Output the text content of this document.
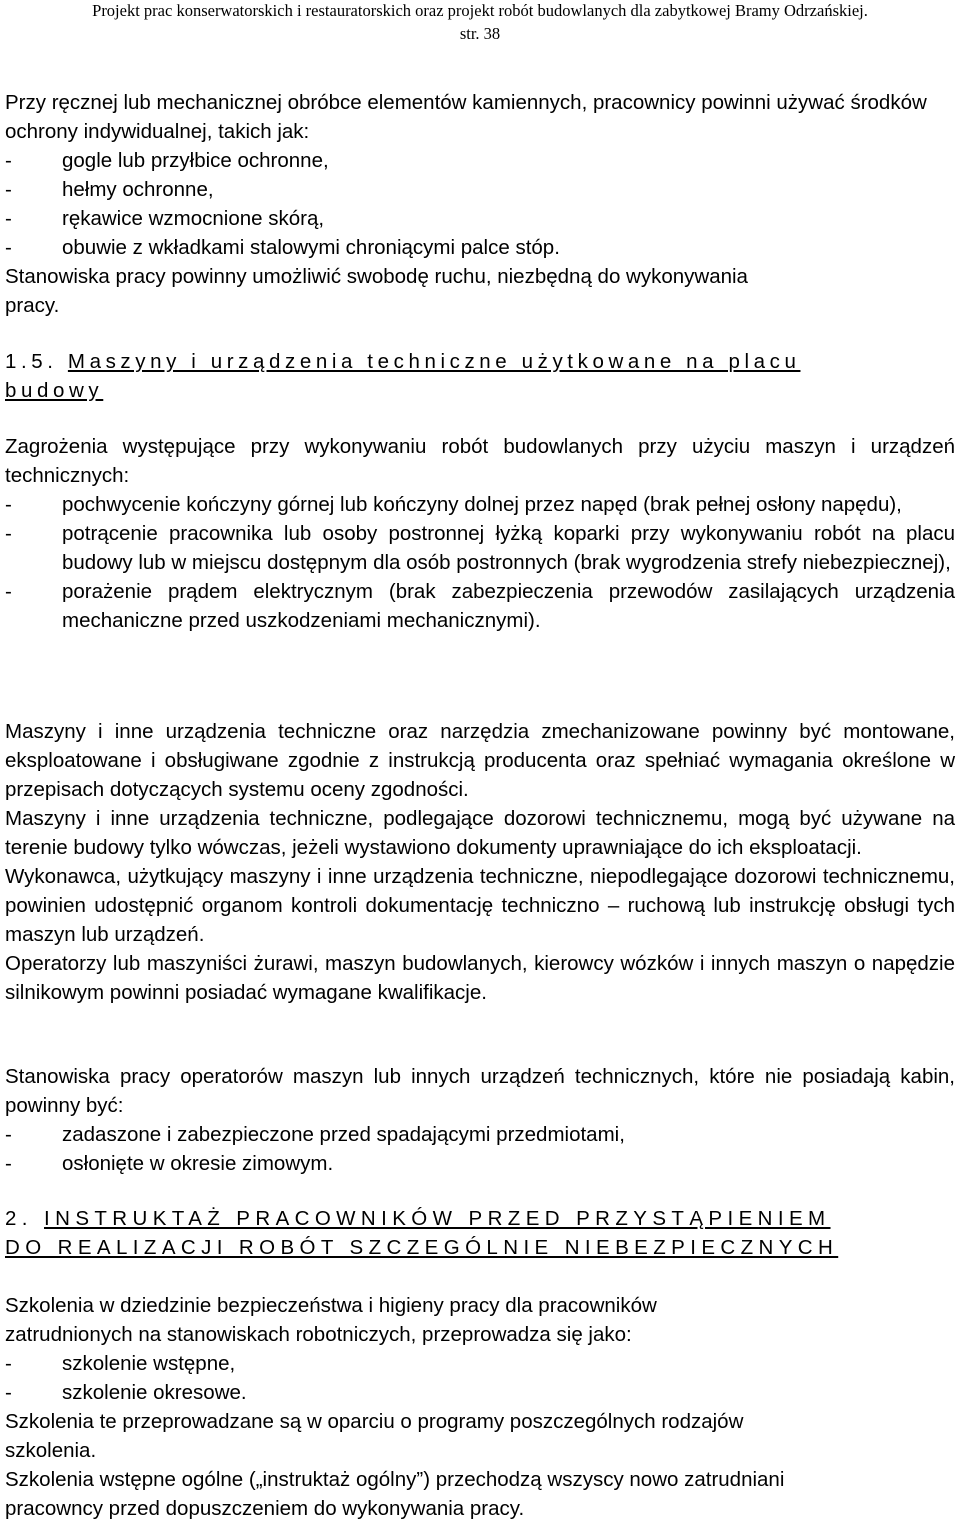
Projekt prac konserwatorskich i restauratorskich oraz projekt robót budowlanych dla zabytkowej Bramy Odrzańskiej.
str. 38

Przy ręcznej lub mechanicznej obróbce elementów kamiennych, pracownicy powinni używać środków ochrony indywidualnej, takich jak:

-	gogle lub przyłbice ochronne,
-	hełmy ochronne,
-	rękawice wzmocnione skórą,
-	obuwie z wkładkami stalowymi chroniącymi palce stóp.

Stanowiska pracy powinny umożliwić swobodę ruchu, niezbędną do wykonywania

pracy.

1.5. Maszyny i urządzenia techniczne użytkowane na placu
budowy

Zagrożenia występujące przy wykonywaniu robót budowlanych przy użyciu maszyn i urządzeń technicznych:

-	pochwycenie kończyny górnej lub kończyny dolnej przez napęd (brak pełnej osłony napędu),
-	potrącenie pracownika lub osoby postronnej łyżką koparki przy wykonywaniu robót na placu budowy lub w miejscu dostępnym dla osób postronnych (brak wygrodzenia strefy niebezpiecznej),
-	porażenie prądem elektrycznym (brak zabezpieczenia przewodów zasilających urządzenia mechaniczne przed uszkodzeniami mechanicznymi).

Maszyny i inne urządzenia techniczne oraz narzędzia zmechanizowane powinny być montowane, eksploatowane i obsługiwane zgodnie z instrukcją producenta oraz spełniać wymagania określone w przepisach dotyczących systemu oceny zgodności.

Maszyny i inne urządzenia techniczne, podlegające dozorowi technicznemu, mogą być używane na terenie budowy tylko wówczas, jeżeli wystawiono dokumenty uprawniające do ich eksploatacji.

Wykonawca, użytkujący maszyny i inne urządzenia techniczne, niepodlegające dozorowi technicznemu, powinien udostępnić organom kontroli dokumentację techniczno – ruchową lub instrukcję obsługi tych maszyn lub urządzeń.

Operatorzy lub maszyniści żurawi, maszyn budowlanych, kierowcy wózków i innych maszyn o napędzie silnikowym powinni posiadać wymagane kwalifikacje.

Stanowiska pracy operatorów maszyn lub innych urządzeń technicznych, które nie posiadają kabin, powinny być:

-	zadaszone i zabezpieczone przed spadającymi przedmiotami,
-	osłonięte w okresie zimowym.
2. INSTRUKTAŻ PRACOWNIKÓW PRZED PRZYSTĄPIENIEM
DO REALIZACJI ROBÓT SZCZEGÓLNIE NIEBEZPIECZNYCH

Szkolenia w dziedzinie bezpieczeństwa i higieny pracy dla pracowników

zatrudnionych na stanowiskach robotniczych, przeprowadza się jako:

-	szkolenie wstępne,
-	szkolenie okresowe.

Szkolenia te przeprowadzane są w oparciu o programy poszczególnych rodzajów

szkolenia.

Szkolenia wstępne ogólne („instruktaż ogólny”) przechodzą wszyscy nowo zatrudniani

pracowncy przed dopuszczeniem do wykonywania pracy.
